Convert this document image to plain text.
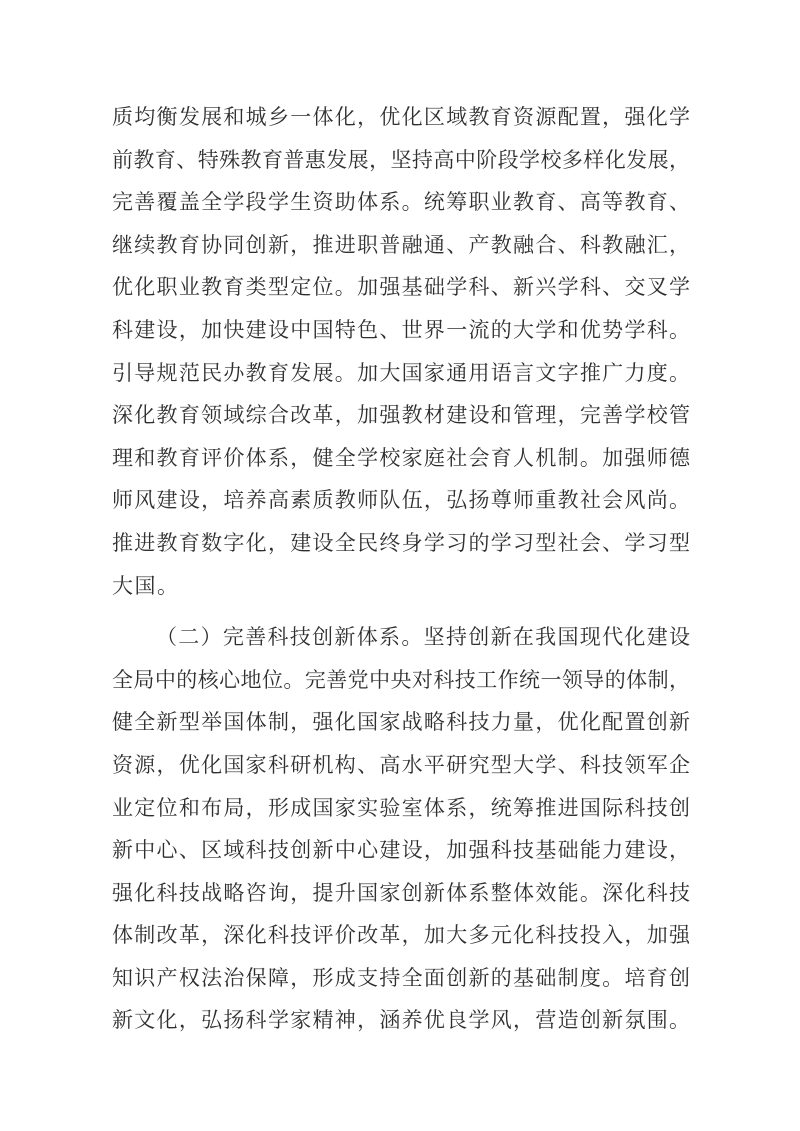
质均衡发展和城乡一体化，优化区域教育资源配置，强化学
前教育、特殊教育普惠发展，坚持高中阶段学校多样化发展，
完善覆盖全学段学生资助体系。统筹职业教育、高等教育、
继续教育协同创新，推进职普融通、产教融合、科教融汇，
优化职业教育类型定位。加强基础学科、新兴学科、交叉学
科建设，加快建设中国特色、世界一流的大学和优势学科。
引导规范民办教育发展。加大国家通用语言文字推广力度。
深化教育领域综合改革，加强教材建设和管理，完善学校管
理和教育评价体系，健全学校家庭社会育人机制。加强师德
师风建设，培养高素质教师队伍，弘扬尊师重教社会风尚。
推进教育数字化，建设全民终身学习的学习型社会、学习型
大国。
（二）完善科技创新体系。坚持创新在我国现代化建设
全局中的核心地位。完善党中央对科技工作统一领导的体制，
健全新型举国体制，强化国家战略科技力量，优化配置创新
资源，优化国家科研机构、高水平研究型大学、科技领军企
业定位和布局，形成国家实验室体系，统筹推进国际科技创
新中心、区域科技创新中心建设，加强科技基础能力建设，
强化科技战略咨询，提升国家创新体系整体效能。深化科技
体制改革，深化科技评价改革，加大多元化科技投入，加强
知识产权法治保障，形成支持全面创新的基础制度。培育创
新文化，弘扬科学家精神，涵养优良学风，营造创新氛围。
